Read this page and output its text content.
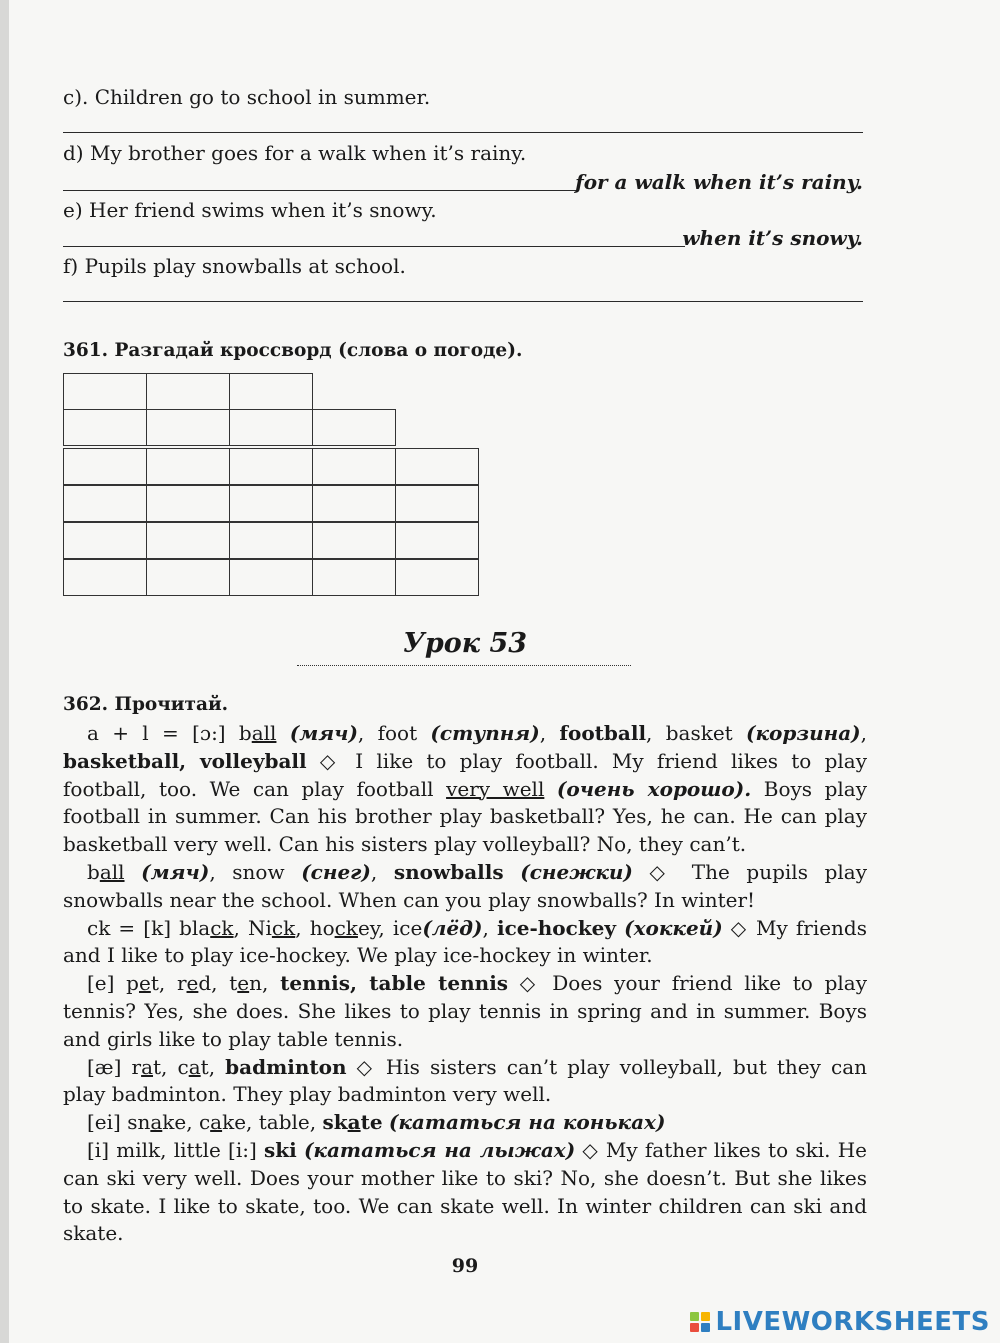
c). Children go to school in summer.
d) My brother goes for a walk when it’s rainy.
for a walk when it’s rainy.
e) Her friend swims when it’s snowy.
when it’s snowy.
f) Pupils play snowballs at school.
361. Разгадай кроссворд (слова о погоде).
Урок 53
362. Прочитай.

a + l = [ɔ:] ball (мяч), foot (ступня), football, basket (корзина), basketball, volleyball ◇ I like to play football. My friend likes to play football, too. We can play football very well (очень хорошо). Boys play football in summer. Can his brother play basketball? Yes, he can. He can play basketball very well. Can his sisters play volleyball? No, they can’t.

ball (мяч), snow (снег), snowballs (снежки) ◇ The pupils play snowballs near the school. When can you play snowballs? In winter!

ck = [k] black, Nick, hockey, ice(лёд), ice-hockey (хоккей) ◇ My friends and I like to play ice-hockey. We play ice-hockey in winter.

[e] pet, red, ten, tennis, table tennis ◇ Does your friend like to play tennis? Yes, she does. She likes to play tennis in spring and in summer. Boys and girls like to play table tennis.

[æ] rat, cat, badminton ◇ His sisters can’t play volleyball, but they can play badminton. They play badminton very well.

[ei] snake, cake, table, skate (кататься на коньках)

[i] milk, little [i:] ski (кататься на лыжах) ◇ My father likes to ski. He can ski very well. Does your mother like to ski? No, she doesn’t. But she likes to skate. I like to skate, too. We can skate well. In winter children can ski and skate.

99
LIVEWORKSHEETS
